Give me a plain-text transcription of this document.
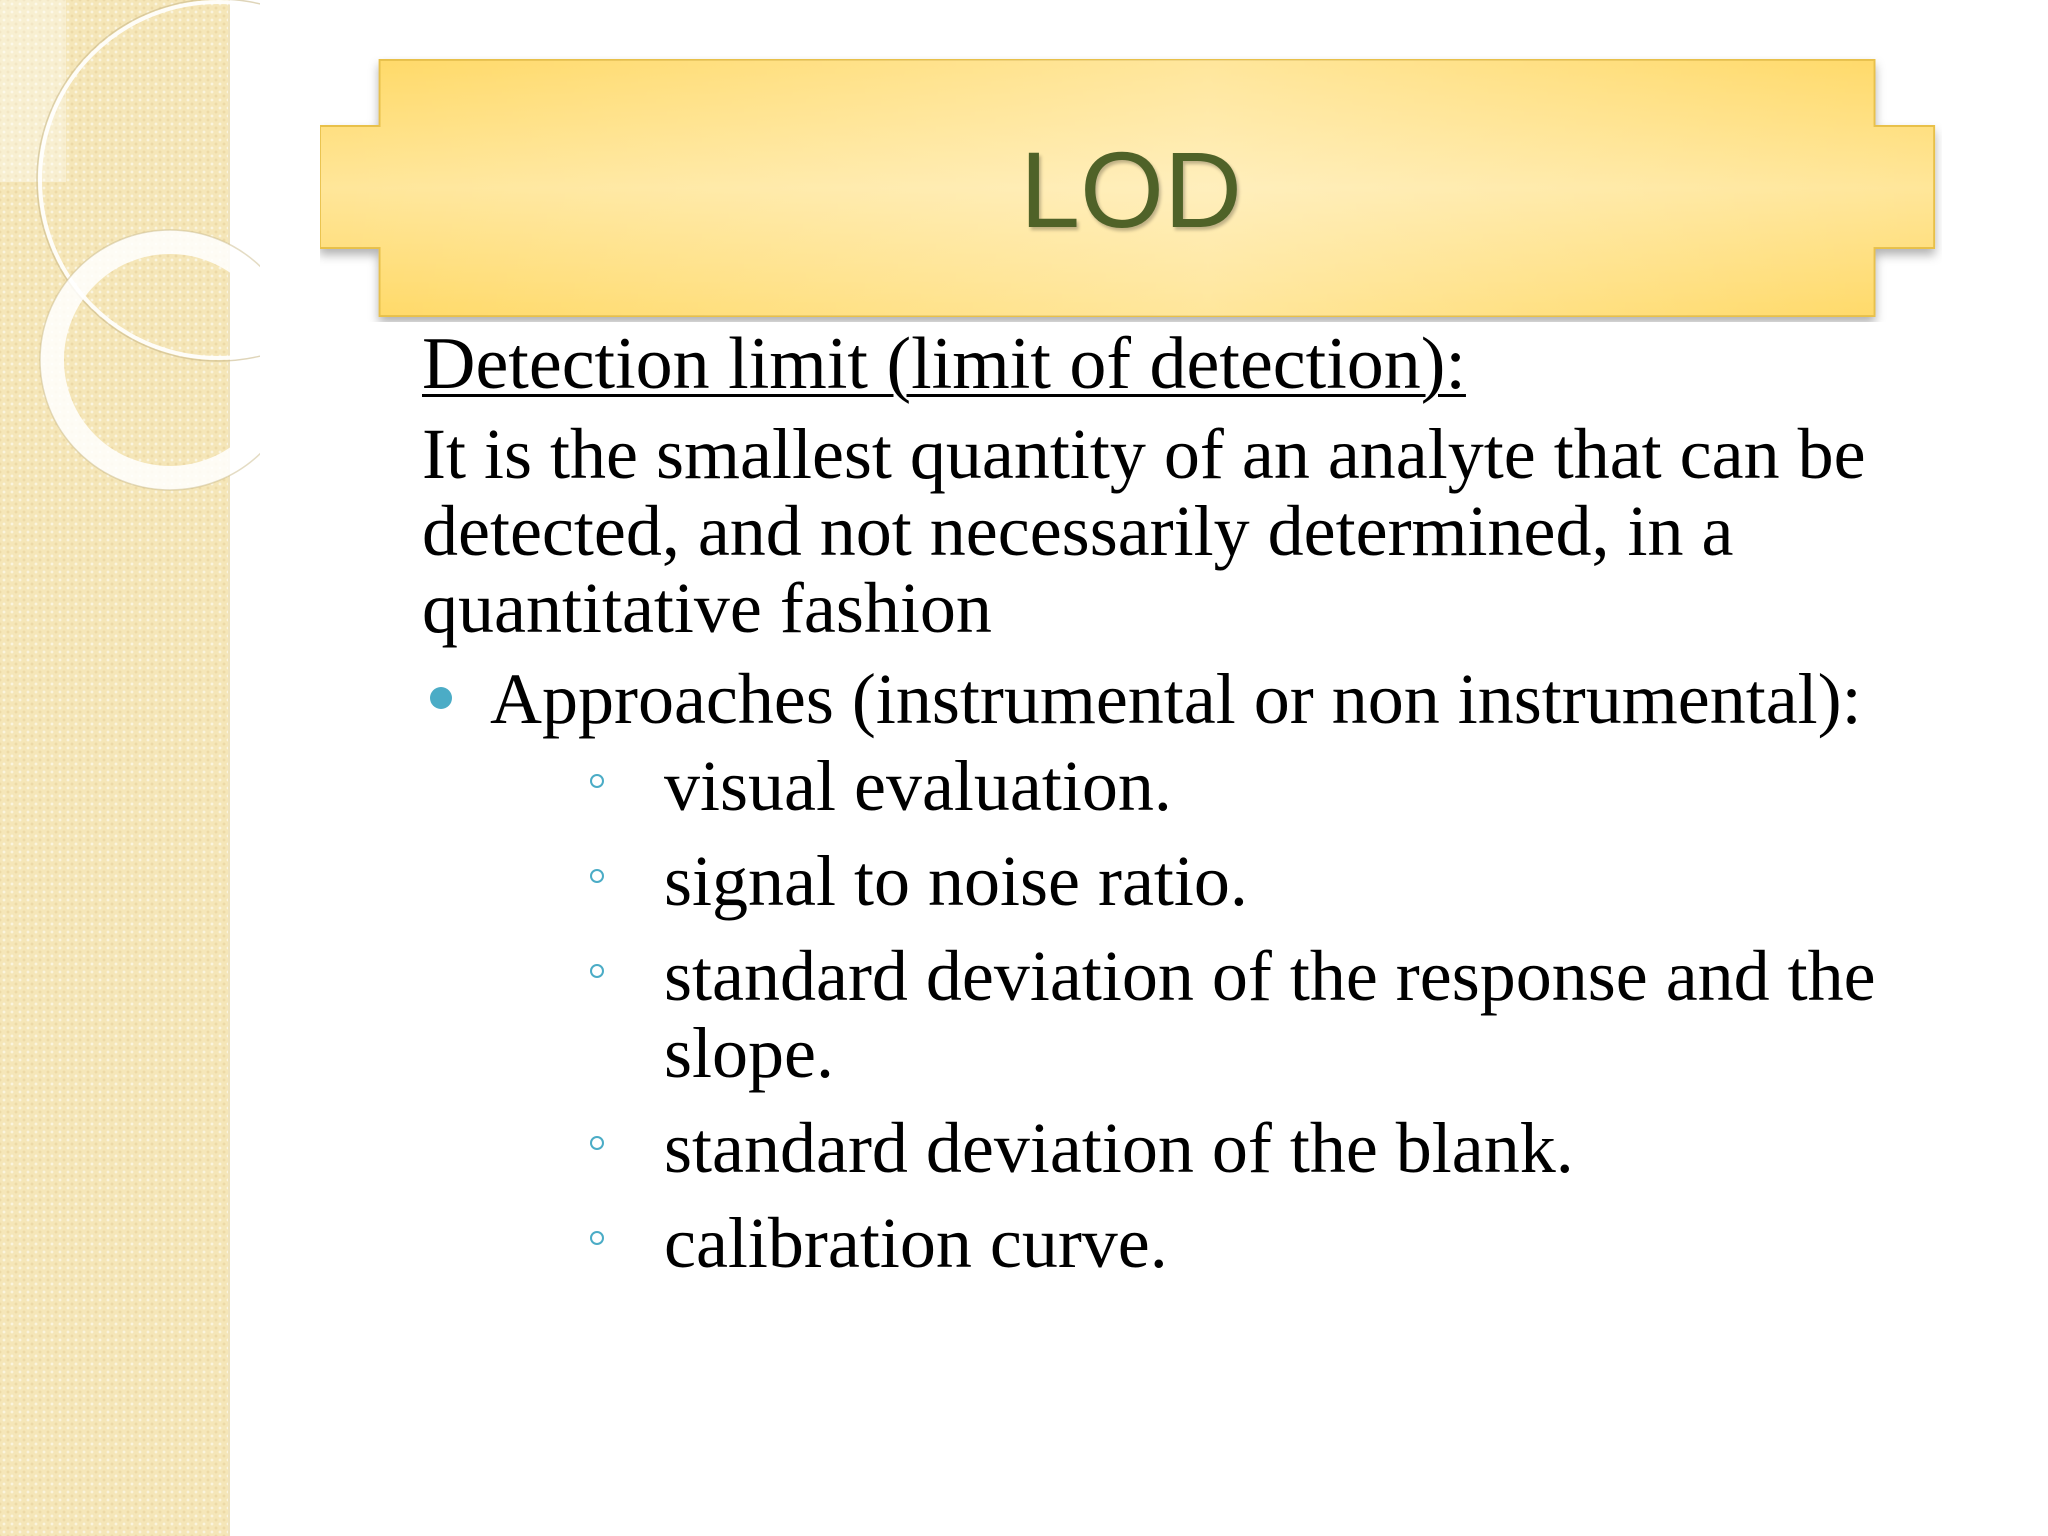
LOD

Detection limit (limit of detection):

It is the smallest quantity of an analyte that can be detected, and not necessarily determined, in a quantitative fashion

Approaches (instrumental or non instrumental):
visual evaluation.
signal to noise ratio.
standard deviation of the response and the slope.
standard deviation of the blank.
calibration curve.
